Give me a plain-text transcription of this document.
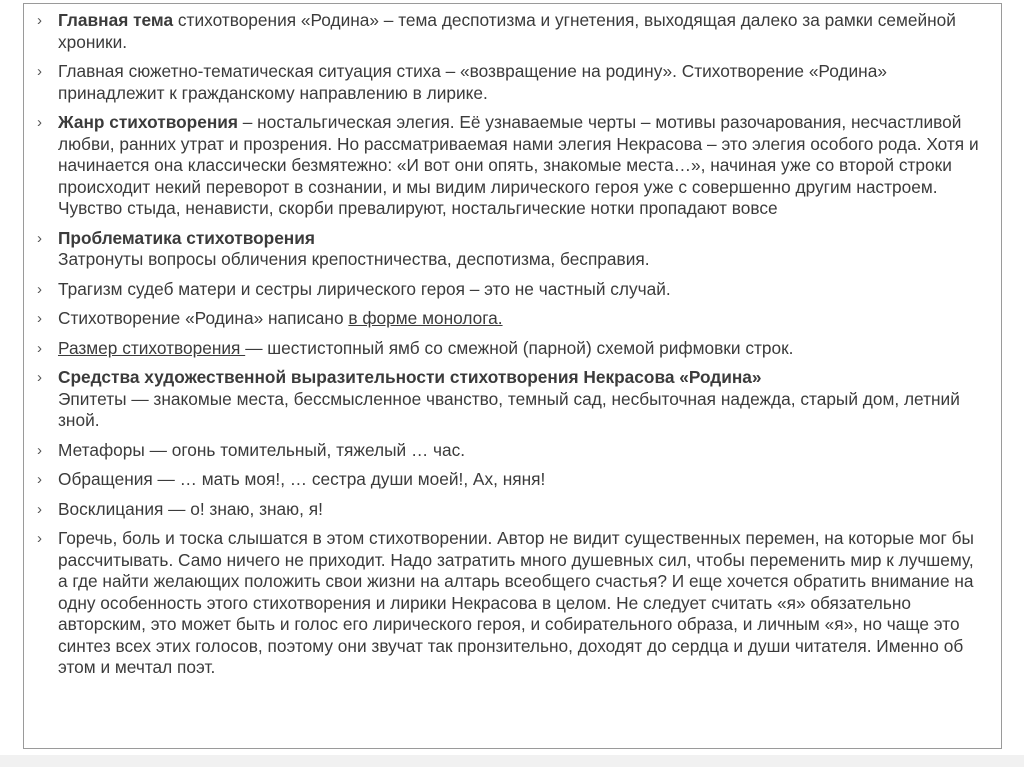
› Главная тема стихотворения «Родина» – тема деспотизма и угнетения, выходящая далеко за рамки семейной хроники.
› Главная сюжетно-тематическая ситуация стиха – «возвращение на родину». Стихотворение «Родина» принадлежит к гражданскому направлению в лирике.
› Жанр стихотворения – ностальгическая элегия. Её узнаваемые черты – мотивы разочарования, несчастливой любви, ранних утрат и прозрения. Но рассматриваемая нами элегия Некрасова – это элегия особого рода. Хотя и начинается она классически безмятежно: «И вот они опять, знакомые места…», начиная уже со второй строки происходит некий переворот в сознании, и мы видим лирического героя уже с совершенно другим настроем. Чувство стыда, ненависти, скорби превалируют, ностальгические нотки пропадают вовсе
› Проблематика стихотворения
Затронуты вопросы обличения крепостничества, деспотизма, бесправия.
› Трагизм судеб матери и сестры лирического героя – это не частный случай.
› Стихотворение «Родина» написано в форме монолога.
› Размер стихотворения — шестистопный ямб со смежной (парной) схемой рифмовки строк.
› Средства художественной выразительности стихотворения Некрасова «Родина»
Эпитеты — знакомые места, бессмысленное чванство, темный сад, несбыточная надежда, старый дом, летний зной.
› Метафоры — огонь томительный, тяжелый … час.
› Обращения — … мать моя!, … сестра души моей!, Ах, няня!
› Восклицания — о! знаю, знаю, я!
› Горечь, боль и тоска слышатся в этом стихотворении. Автор не видит существенных перемен, на которые мог бы рассчитывать. Само ничего не приходит. Надо затратить много душевных сил, чтобы переменить мир к лучшему, а где найти желающих положить свои жизни на алтарь всеобщего счастья? И еще хочется обратить внимание на одну особенность этого стихотворения и лирики Некрасова в целом. Не следует считать «я» обязательно авторским, это может быть и голос его лирического героя, и собирательного образа, и личным «я», но чаще это синтез всех этих голосов, поэтому они звучат так пронзительно, доходят до сердца и души читателя. Именно об этом и мечтал поэт.
